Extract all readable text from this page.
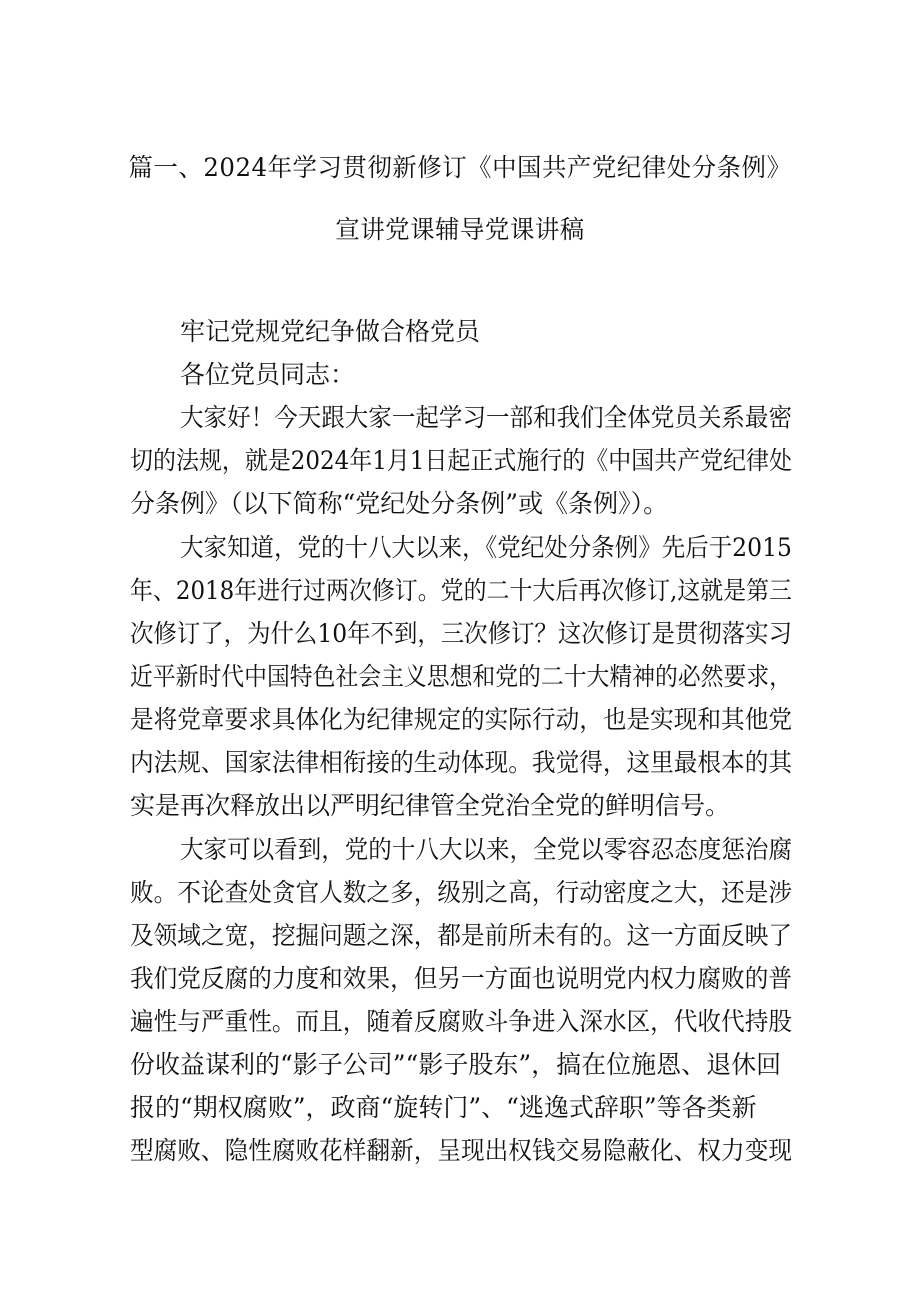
篇一、2024年学习贯彻新修订《中国共产党纪律处分条例》
宣讲党课辅导党课讲稿
牢记党规党纪争做合格党员
各位党员同志：
大家好！今天跟大家一起学习一部和我们全体党员关系最密
切的法规，就是2024年1月1日起正式施行的《中国共产党纪律处
分条例》（以下简称“党纪处分条例”或《条例》）。
大家知道，党的十八大以来，《党纪处分条例》先后于2015
年、2018年进行过两次修订。党的二十大后再次修订,这就是第三
次修订了，为什么10年不到，三次修订？这次修订是贯彻落实习
近平新时代中国特色社会主义思想和党的二十大精神的必然要求，
是将党章要求具体化为纪律规定的实际行动，也是实现和其他党
内法规、国家法律相衔接的生动体现。我觉得，这里最根本的其
实是再次释放出以严明纪律管全党治全党的鲜明信号。
大家可以看到，党的十八大以来，全党以零容忍态度惩治腐
败。不论查处贪官人数之多，级别之高，行动密度之大，还是涉
及领域之宽，挖掘问题之深，都是前所未有的。这一方面反映了
我们党反腐的力度和效果，但另一方面也说明党内权力腐败的普
遍性与严重性。而且，随着反腐败斗争进入深水区，代收代持股
份收益谋利的“影子公司”“影子股东”，搞在位施恩、退休回
报的“期权腐败”，政商“旋转门”、“逃逸式辞职”等各类新
型腐败、隐性腐败花样翻新，呈现出权钱交易隐蔽化、权力变现
